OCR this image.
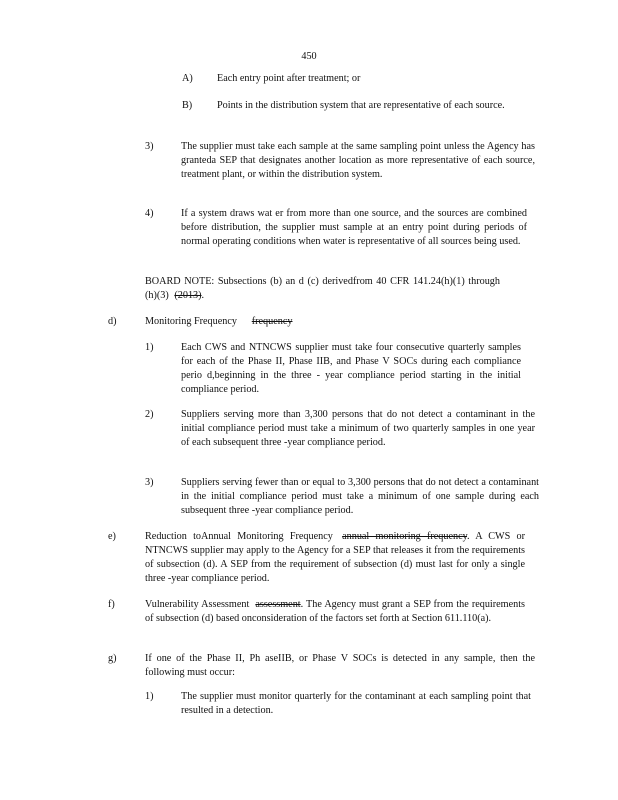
450
A) Each entry point after treatment; or
B) Points in the distribution system that are representative of each source.
3)	The supplier must take each sample at the same sampling point unless the Agency has granteda SEP that designates another location as more representative of each source, treatment plant, or within the distribution system.
4)	If a system draws wat er from more than one source, and the sources are combined before distribution, the supplier must sample at an entry point during periods of normal operating conditions when water is representative of all sources being used.
BOARD NOTE: Subsections (b) an d (c) derivedfrom 40 CFR 141.24(h)(1) through (h)(3) (2013).
d)	Monitoring Frequency frequency
1)	Each CWS and NTNCWS supplier must take four consecutive quarterly samples for each of the Phase II, Phase IIB, and Phase V SOCs during each compliance perio d,beginning in the three - year compliance period starting in the initial compliance period.
2)	Suppliers serving more than 3,300 persons that do not detect a contaminant in the initial compliance period must take a minimum of two quarterly samples in one year of each subsequent three -year compliance period.
3)	Suppliers serving fewer than or equal to 3,300 persons that do not detect a contaminant in the initial compliance period must take a minimum of one sample during each subsequent three -year compliance period.
e)	Reduction toAnnual Monitoring Frequency annual monitoring frequency. A CWS or NTNCWS supplier may apply to the Agency for a SEP that releases it from the requirements of subsection (d). A SEP from the requirement of subsection (d) must last for only a single three -year compliance period.
f)	Vulnerability Assessment assessment. The Agency must grant a SEP from the requirements of subsection (d) based onconsideration of the factors set forth at Section 611.110(a).
g)	If one of the Phase II, Ph aseIIB, or Phase V SOCs is detected in any sample, then the following must occur:
1)	The supplier must monitor quarterly for the contaminant at each sampling point that resulted in a detection.
